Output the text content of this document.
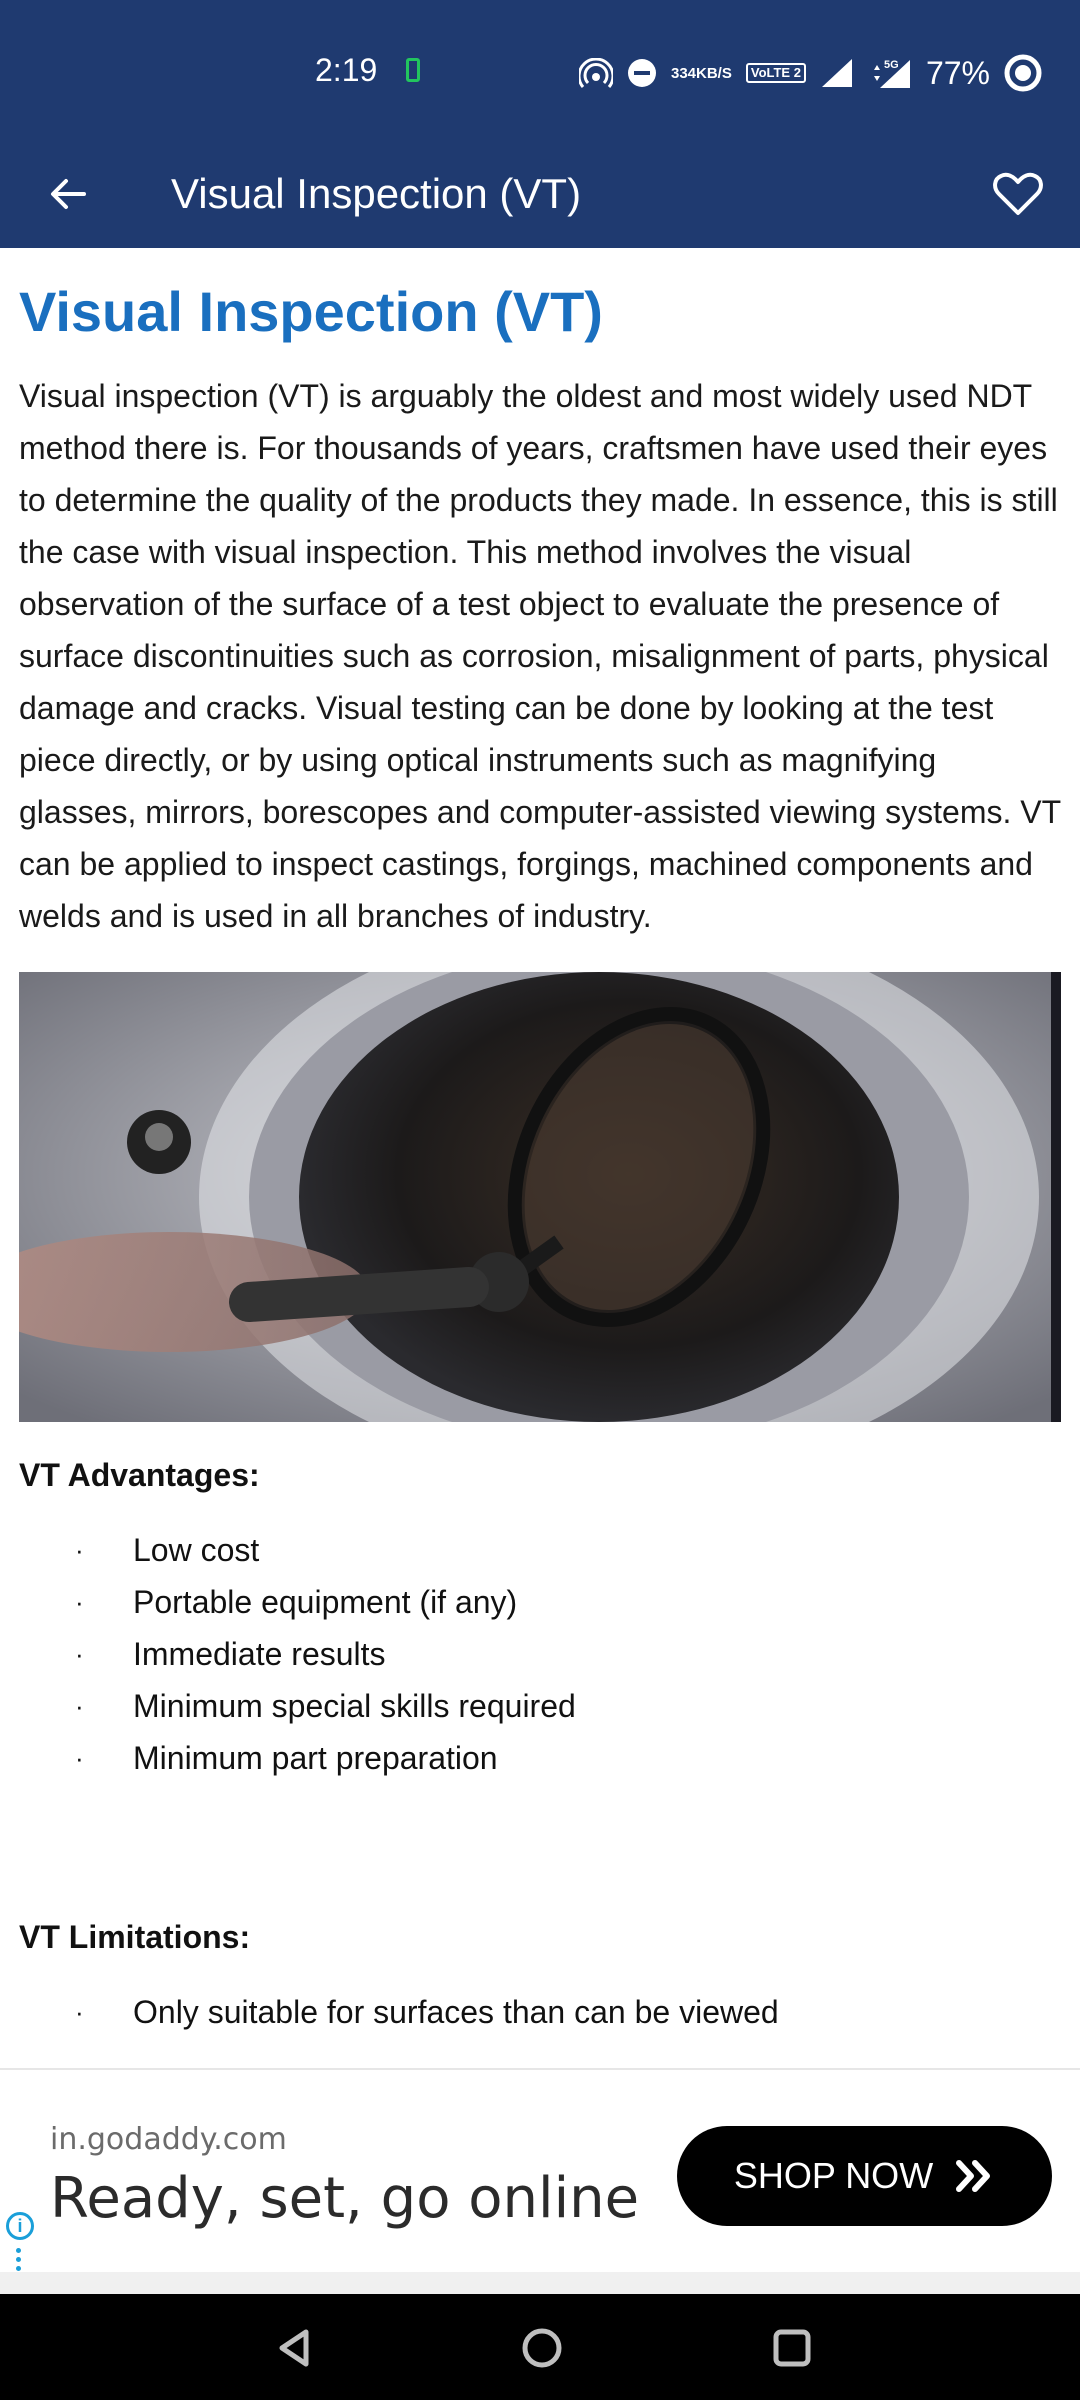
2:19	334 KB/S Vo LTE 2	5G 77%
Visual Inspection (VT)
Visual Inspection (VT)

Visual inspection (VT) is arguably the oldest and most widely used NDT method there is. For thousands of years, craftsmen have used their eyes to determine the quality of the products they made. In essence, this is still the case with visual inspection. This method involves the visual observation of the surface of a test object to evaluate the presence of surface discontinuities such as corrosion, misalignment of parts, physical damage and cracks. Visual testing can be done by looking at the test piece directly, or by using optical instruments such as magnifying glasses, mirrors, borescopes and computer-assisted viewing systems. VT can be applied to inspect castings, forgings, machined components and welds and is used in all branches of industry.

VT Advantages:
· Low cost
· Portable equipment (if any)
· Immediate results
· Minimum special skills required
· Minimum part preparation
VT Limitations:
· Only suitable for surfaces than can be viewed
in.godaddy.com
Ready, set, go online	SHOP NOW
i
